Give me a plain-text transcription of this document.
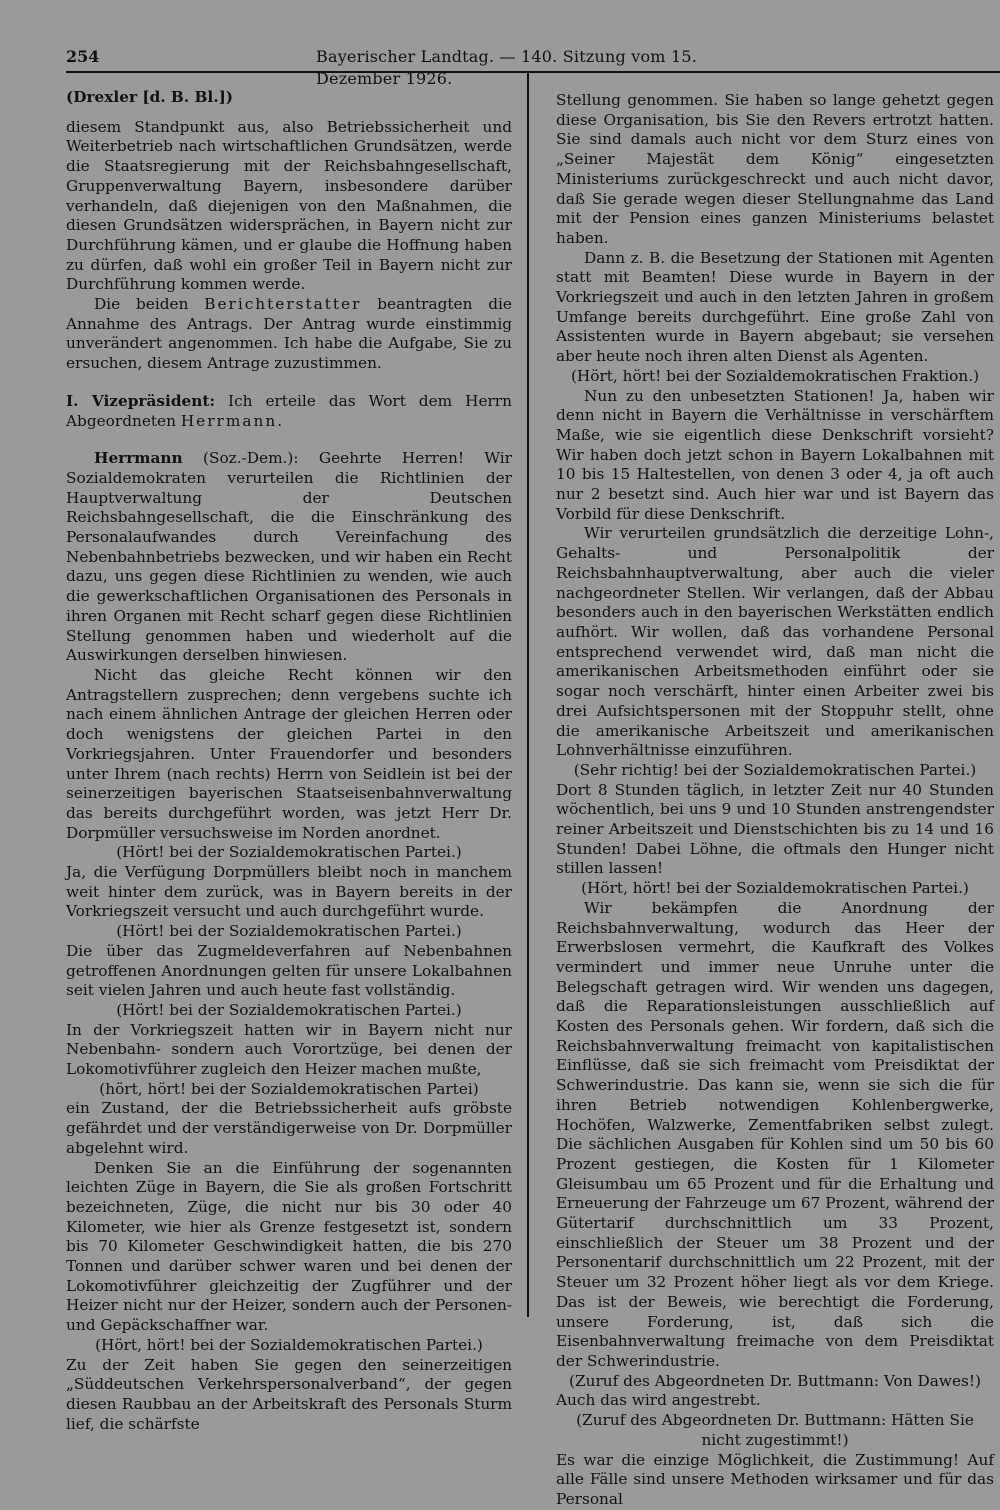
254	Bayerischer Landtag. — 140. Sitzung vom 15. Dezember 1926.

(Drexler [d. B. Bl.])

diesem Standpunkt aus, also Betriebssicherheit und Weiterbetrieb nach wirtschaftlichen Grundsätzen, werde die Staatsregierung mit der Reichsbahngesellschaft, Gruppenverwaltung Bayern, insbesondere darüber verhandeln, daß diejenigen von den Maßnahmen, die diesen Grundsätzen widersprächen, in Bayern nicht zur Durchführung kämen, und er glaube die Hoffnung haben zu dürfen, daß wohl ein großer Teil in Bayern nicht zur Durchführung kommen werde.

Die beiden Berichterstatter beantragten die Annahme des Antrags. Der Antrag wurde einstimmig unverändert angenommen. Ich habe die Aufgabe, Sie zu ersuchen, diesem Antrage zuzustimmen.

I. Vizepräsident: Ich erteile das Wort dem Herrn Abgeordneten Herrmann.

Herrmann (Soz.-Dem.): Geehrte Herren! Wir Sozialdemokraten verurteilen die Richtlinien der Hauptverwaltung der Deutschen Reichsbahngesellschaft, die die Einschränkung des Personalaufwandes durch Vereinfachung des Nebenbahnbetriebs bezwecken, und wir haben ein Recht dazu, uns gegen diese Richtlinien zu wenden, wie auch die gewerkschaftlichen Organisationen des Personals in ihren Organen mit Recht scharf gegen diese Richtlinien Stellung genommen haben und wiederholt auf die Auswirkungen derselben hinwiesen.

Nicht das gleiche Recht können wir den Antragstellern zusprechen; denn vergebens suchte ich nach einem ähnlichen Antrage der gleichen Herren oder doch wenigstens der gleichen Partei in den Vorkriegsjahren. Unter Frauendorfer und besonders unter Ihrem (nach rechts) Herrn von Seidlein ist bei der seinerzeitigen bayerischen Staatseisenbahnverwaltung das bereits durchgeführt worden, was jetzt Herr Dr. Dorpmüller versuchsweise im Norden anordnet.

(Hört! bei der Sozialdemokratischen Partei.)

Ja, die Verfügung Dorpmüllers bleibt noch in manchem weit hinter dem zurück, was in Bayern bereits in der Vorkriegszeit versucht und auch durchgeführt wurde.

(Hört! bei der Sozialdemokratischen Partei.)

Die über das Zugmeldeverfahren auf Nebenbahnen getroffenen Anordnungen gelten für unsere Lokalbahnen seit vielen Jahren und auch heute fast vollständig.

(Hört! bei der Sozialdemokratischen Partei.)

In der Vorkriegszeit hatten wir in Bayern nicht nur Nebenbahn- sondern auch Vorortzüge, bei denen der Lokomotivführer zugleich den Heizer machen mußte,

(hört, hört! bei der Sozialdemokratischen Partei)

ein Zustand, der die Betriebssicherheit aufs gröbste gefährdet und der verständigerweise von Dr. Dorpmüller abgelehnt wird.

Denken Sie an die Einführung der sogenannten leichten Züge in Bayern, die Sie als großen Fortschritt bezeichneten, Züge, die nicht nur bis 30 oder 40 Kilometer, wie hier als Grenze festgesetzt ist, sondern bis 70 Kilometer Geschwindigkeit hatten, die bis 270 Tonnen und darüber schwer waren und bei denen der Lokomotivführer gleichzeitig der Zugführer und der Heizer nicht nur der Heizer, sondern auch der Personen- und Gepäckschaffner war.

(Hört, hört! bei der Sozialdemokratischen Partei.)

Zu der Zeit haben Sie gegen den seinerzeitigen „Süddeutschen Verkehrspersonalverband“, der gegen diesen Raubbau an der Arbeitskraft des Personals Sturm lief, die schärfste

Stellung genommen. Sie haben so lange gehetzt gegen diese Organisation, bis Sie den Revers ertrotzt hatten. Sie sind damals auch nicht vor dem Sturz eines von „Seiner Majestät dem König“ eingesetzten Ministeriums zurückgeschreckt und auch nicht davor, daß Sie gerade wegen dieser Stellungnahme das Land mit der Pension eines ganzen Ministeriums belastet haben.

Dann z. B. die Besetzung der Stationen mit Agenten statt mit Beamten! Diese wurde in Bayern in der Vorkriegszeit und auch in den letzten Jahren in großem Umfange bereits durchgeführt. Eine große Zahl von Assistenten wurde in Bayern abgebaut; sie versehen aber heute noch ihren alten Dienst als Agenten.

(Hört, hört! bei der Sozialdemokratischen Fraktion.)

Nun zu den unbesetzten Stationen! Ja, haben wir denn nicht in Bayern die Verhältnisse in verschärftem Maße, wie sie eigentlich diese Denkschrift vorsieht? Wir haben doch jetzt schon in Bayern Lokalbahnen mit 10 bis 15 Haltestellen, von denen 3 oder 4, ja oft auch nur 2 besetzt sind. Auch hier war und ist Bayern das Vorbild für diese Denkschrift.

Wir verurteilen grundsätzlich die derzeitige Lohn-, Gehalts- und Personalpolitik der Reichsbahnhauptverwaltung, aber auch die vieler nachgeordneter Stellen. Wir verlangen, daß der Abbau besonders auch in den bayerischen Werkstätten endlich aufhört. Wir wollen, daß das vorhandene Personal entsprechend verwendet wird, daß man nicht die amerikanischen Arbeitsmethoden einführt oder sie sogar noch verschärft, hinter einen Arbeiter zwei bis drei Aufsichtspersonen mit der Stoppuhr stellt, ohne die amerikanische Arbeitszeit und amerikanischen Lohnverhältnisse einzuführen.

(Sehr richtig! bei der Sozialdemokratischen Partei.)

Dort 8 Stunden täglich, in letzter Zeit nur 40 Stunden wöchentlich, bei uns 9 und 10 Stunden anstrengendster reiner Arbeitszeit und Dienstschichten bis zu 14 und 16 Stunden! Dabei Löhne, die oftmals den Hunger nicht stillen lassen!

(Hört, hört! bei der Sozialdemokratischen Partei.)

Wir bekämpfen die Anordnung der Reichsbahnverwaltung, wodurch das Heer der Erwerbslosen vermehrt, die Kaufkraft des Volkes vermindert und immer neue Unruhe unter die Belegschaft getragen wird. Wir wenden uns dagegen, daß die Reparationsleistungen ausschließlich auf Kosten des Personals gehen. Wir fordern, daß sich die Reichsbahnverwaltung freimacht von kapitalistischen Einflüsse, daß sie sich freimacht vom Preisdiktat der Schwerindustrie. Das kann sie, wenn sie sich die für ihren Betrieb notwendigen Kohlenbergwerke, Hochöfen, Walzwerke, Zementfabriken selbst zulegt. Die sächlichen Ausgaben für Kohlen sind um 50 bis 60 Prozent gestiegen, die Kosten für 1 Kilometer Gleisumbau um 65 Prozent und für die Erhaltung und Erneuerung der Fahrzeuge um 67 Prozent, während der Gütertarif durchschnittlich um 33 Prozent, einschließlich der Steuer um 38 Prozent und der Personentarif durchschnittlich um 22 Prozent, mit der Steuer um 32 Prozent höher liegt als vor dem Kriege. Das ist der Beweis, wie berechtigt die Forderung, unsere Forderung, ist, daß sich die Eisenbahnverwaltung freimache von dem Preisdiktat der Schwerindustrie.

(Zuruf des Abgeordneten Dr. Buttmann: Von Dawes!)

Auch das wird angestrebt.

(Zuruf des Abgeordneten Dr. Buttmann: Hätten Sie nicht zugestimmt!)

Es war die einzige Möglichkeit, die Zustimmung! Auf alle Fälle sind unsere Methoden wirksamer und für das Personal
